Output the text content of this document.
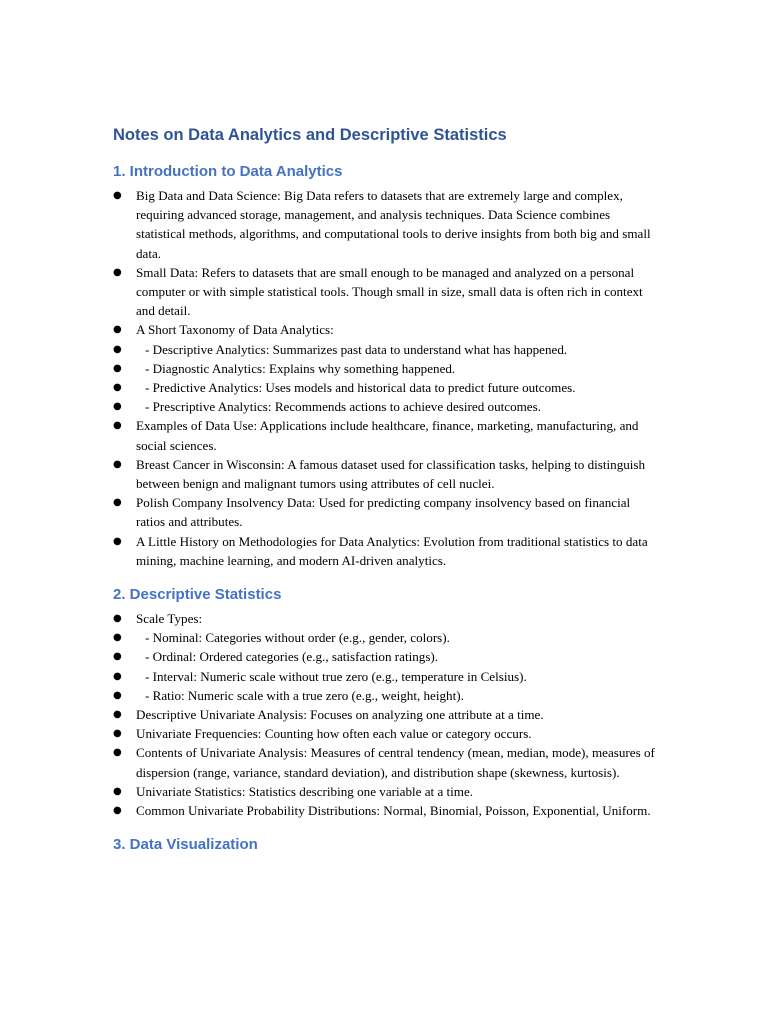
Notes on Data Analytics and Descriptive Statistics
1. Introduction to Data Analytics
● Big Data and Data Science: Big Data refers to datasets that are extremely large and complex, requiring advanced storage, management, and analysis techniques. Data Science combines statistical methods, algorithms, and computational tools to derive insights from both big and small data.
● Small Data: Refers to datasets that are small enough to be managed and analyzed on a personal computer or with simple statistical tools. Though small in size, small data is often rich in context and detail.
● A Short Taxonomy of Data Analytics:
●	- Descriptive Analytics: Summarizes past data to understand what has happened.
●	- Diagnostic Analytics: Explains why something happened.
●	- Predictive Analytics: Uses models and historical data to predict future outcomes.
●	- Prescriptive Analytics: Recommends actions to achieve desired outcomes.
● Examples of Data Use: Applications include healthcare, finance, marketing, manufacturing, and social sciences.
● Breast Cancer in Wisconsin: A famous dataset used for classification tasks, helping to distinguish between benign and malignant tumors using attributes of cell nuclei.
● Polish Company Insolvency Data: Used for predicting company insolvency based on financial ratios and attributes.
● A Little History on Methodologies for Data Analytics: Evolution from traditional statistics to data mining, machine learning, and modern AI-driven analytics.
2. Descriptive Statistics
● Scale Types:
●	- Nominal: Categories without order (e.g., gender, colors).
●	- Ordinal: Ordered categories (e.g., satisfaction ratings).
●	- Interval: Numeric scale without true zero (e.g., temperature in Celsius).
●	- Ratio: Numeric scale with a true zero (e.g., weight, height).
● Descriptive Univariate Analysis: Focuses on analyzing one attribute at a time.
● Univariate Frequencies: Counting how often each value or category occurs.
● Contents of Univariate Analysis: Measures of central tendency (mean, median, mode), measures of dispersion (range, variance, standard deviation), and distribution shape (skewness, kurtosis).
● Univariate Statistics: Statistics describing one variable at a time.
● Common Univariate Probability Distributions: Normal, Binomial, Poisson, Exponential, Uniform.
3. Data Visualization
